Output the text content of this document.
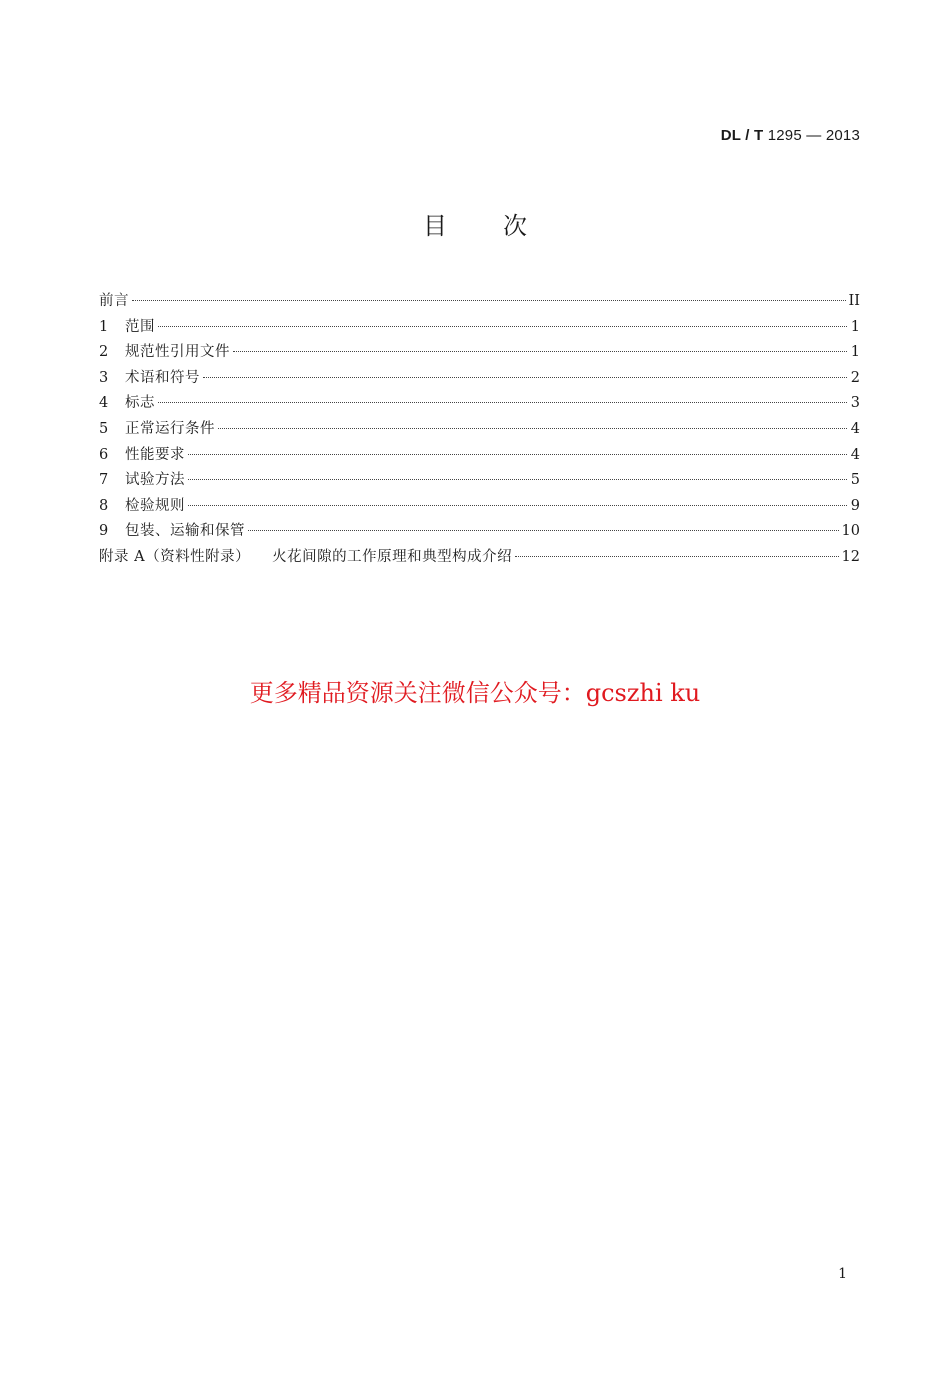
DL / T 1295 — 2013
目次
前言	II
1	范围	1
2	规范性引用文件	1
3	术语和符号	2
4	标志	3
5	正常运行条件	4
6	性能要求	4
7	试验方法	5
8	检验规则	9
9	包装、运输和保管	10
附录 A（资料性附录） 火花间隙的工作原理和典型构成介绍	12
更多精品资源关注微信公众号：gcszhi ku
1
